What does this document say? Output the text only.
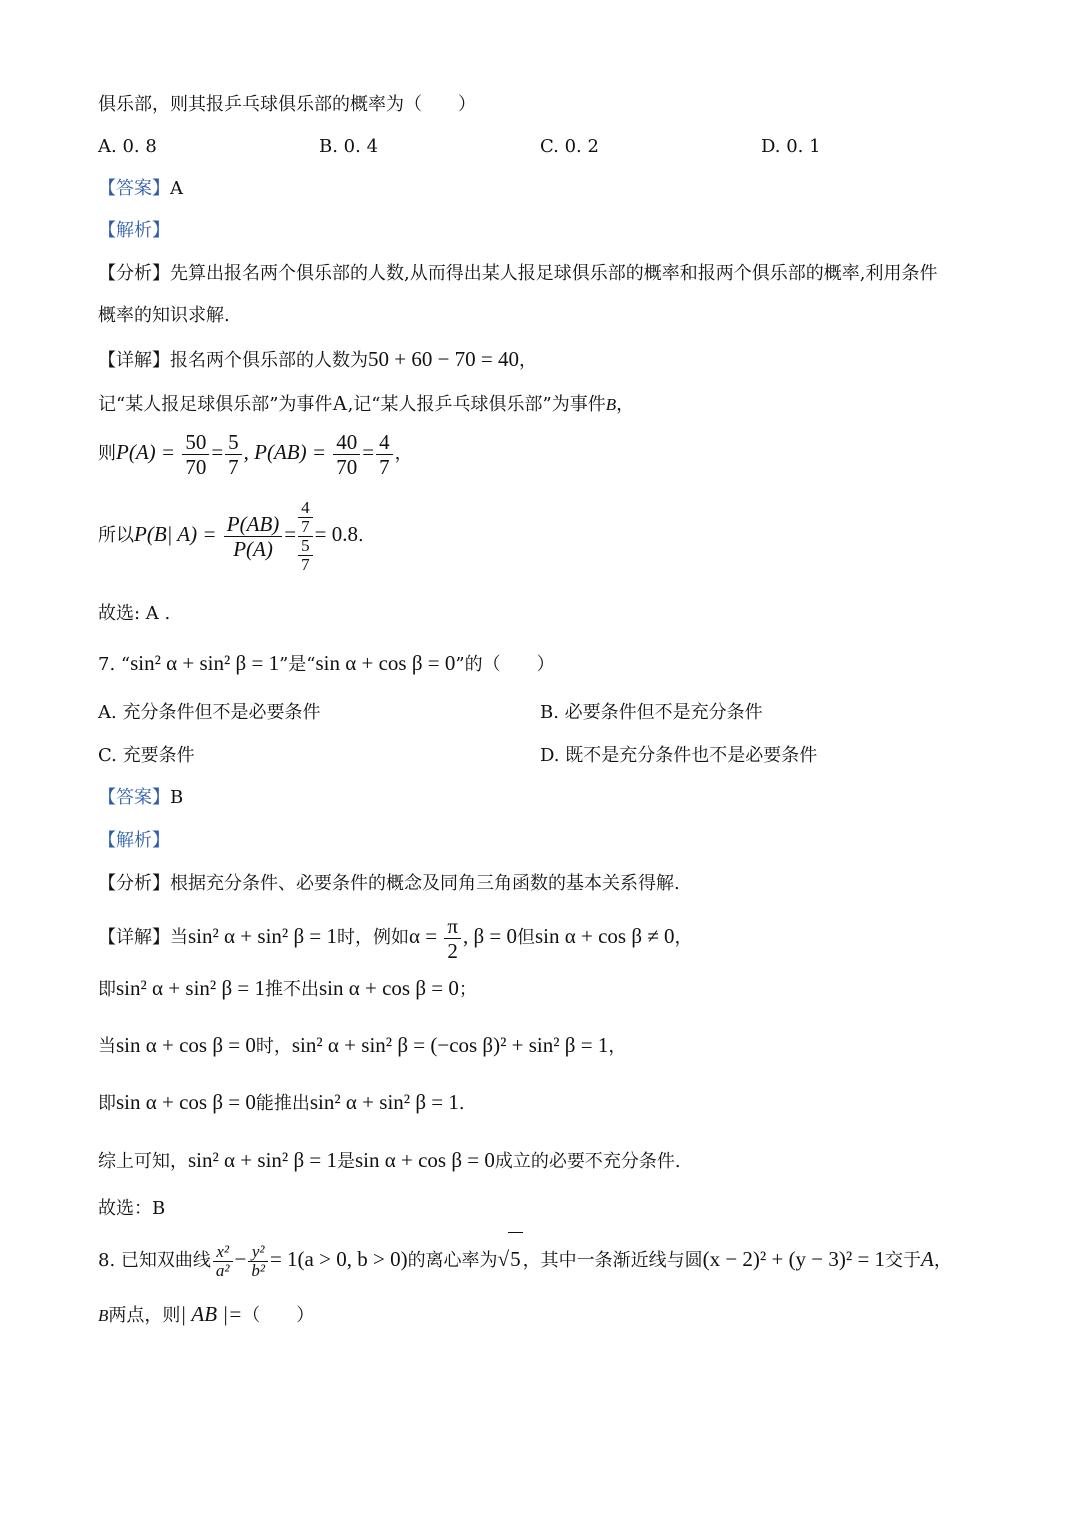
俱乐部，则其报乒乓球俱乐部的概率为（　　）
A. 0. 8	B. 0. 4	C. 0. 2	D. 0. 1
【答案】A
【解析】
【分析】先算出报名两个俱乐部的人数,从而得出某人报足球俱乐部的概率和报两个俱乐部的概率,利用条件
概率的知识求解.
【详解】报名两个俱乐部的人数为50 + 60 − 70 = 40，
记“某人报足球俱乐部”为事件A,记“某人报乒乓球俱乐部”为事件B，
则$P(A) = \frac{50}{70} = \frac{5}{7}$ , $P(AB) = \frac{40}{70} = \frac{4}{7}$ ，
所以P(B| $A) = \frac{P(AB)}{P(A)} = \frac{\frac{4}{7}}{\frac{5}{7}} = 0.8$.
故选: A .
7. “sin² α + sin² β = 1”是“sin α + cos β = 0”的（　　）
A. 充分条件但不是必要条件	B. 必要条件但不是充分条件
C. 充要条件	D. 既不是充分条件也不是必要条件
【答案】B
【解析】
【分析】根据充分条件、必要条件的概念及同角三角函数的基本关系得解.
【详解】当sin² α + sin² β = 1时，例如$\alpha = \frac{\pi}{2}$ , β = 0但sin α + cos β ≠ 0，
即sin² α + sin² β = 1推不出sin α + cos β = 0；
当sin α + cos β = 0时，sin² α + sin² β = (−cos β)² + sin² β = 1，
即sin α + cos β = 0能推出sin² α + sin² β = 1.
综上可知，sin² α + sin² β = 1是sin α + cos β = 0成立的必要不充分条件.
故选：B
8. 已知双曲线 $\frac{\text{x²}}{\text{a²}} - \frac{\text{y²}}{\text{b²}} = 1(a > 0$, b > 0)的离心率为√5 ，其中一条渐近线与圆(x − 2)² + (y − 3)² = 1交于A，
B两点，则| AB |=（　　）
